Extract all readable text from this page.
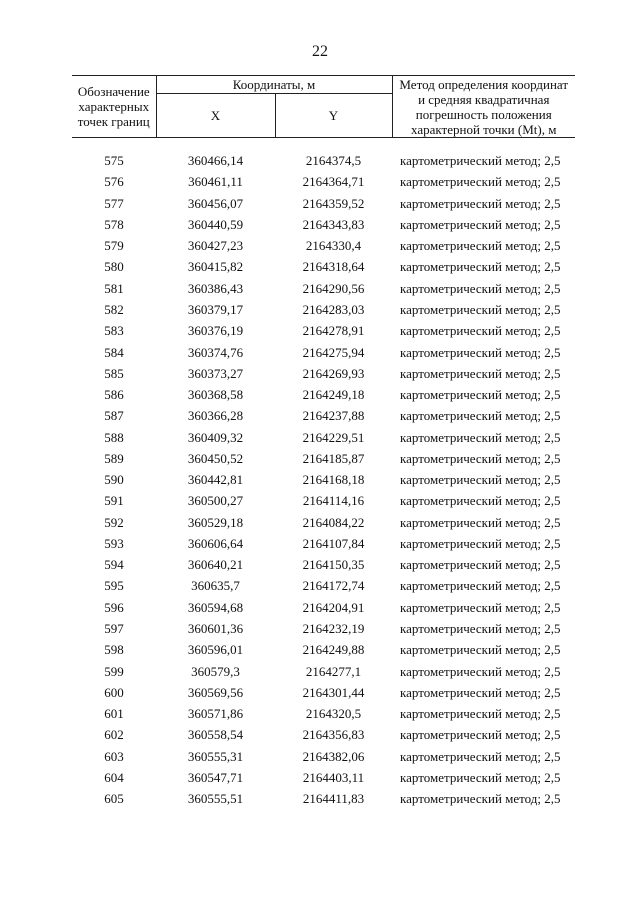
22
Обозначение
характерных
точек границ	Координаты, м		Метод определения координат
и средняя квадратичная
погрешность положения
характерной точки (Mt), м
	X	Y	

575	360466,14	2164374,5	картометрический метод; 2,5
576	360461,11	2164364,71	картометрический метод; 2,5
577	360456,07	2164359,52	картометрический метод; 2,5
578	360440,59	2164343,83	картометрический метод; 2,5
579	360427,23	2164330,4	картометрический метод; 2,5
580	360415,82	2164318,64	картометрический метод; 2,5
581	360386,43	2164290,56	картометрический метод; 2,5
582	360379,17	2164283,03	картометрический метод; 2,5
583	360376,19	2164278,91	картометрический метод; 2,5
584	360374,76	2164275,94	картометрический метод; 2,5
585	360373,27	2164269,93	картометрический метод; 2,5
586	360368,58	2164249,18	картометрический метод; 2,5
587	360366,28	2164237,88	картометрический метод; 2,5
588	360409,32	2164229,51	картометрический метод; 2,5
589	360450,52	2164185,87	картометрический метод; 2,5
590	360442,81	2164168,18	картометрический метод; 2,5
591	360500,27	2164114,16	картометрический метод; 2,5
592	360529,18	2164084,22	картометрический метод; 2,5
593	360606,64	2164107,84	картометрический метод; 2,5
594	360640,21	2164150,35	картометрический метод; 2,5
595	360635,7	2164172,74	картометрический метод; 2,5
596	360594,68	2164204,91	картометрический метод; 2,5
597	360601,36	2164232,19	картометрический метод; 2,5
598	360596,01	2164249,88	картометрический метод; 2,5
599	360579,3	2164277,1	картометрический метод; 2,5
600	360569,56	2164301,44	картометрический метод; 2,5
601	360571,86	2164320,5	картометрический метод; 2,5
602	360558,54	2164356,83	картометрический метод; 2,5
603	360555,31	2164382,06	картометрический метод; 2,5
604	360547,71	2164403,11	картометрический метод; 2,5
605	360555,51	2164411,83	картометрический метод; 2,5
